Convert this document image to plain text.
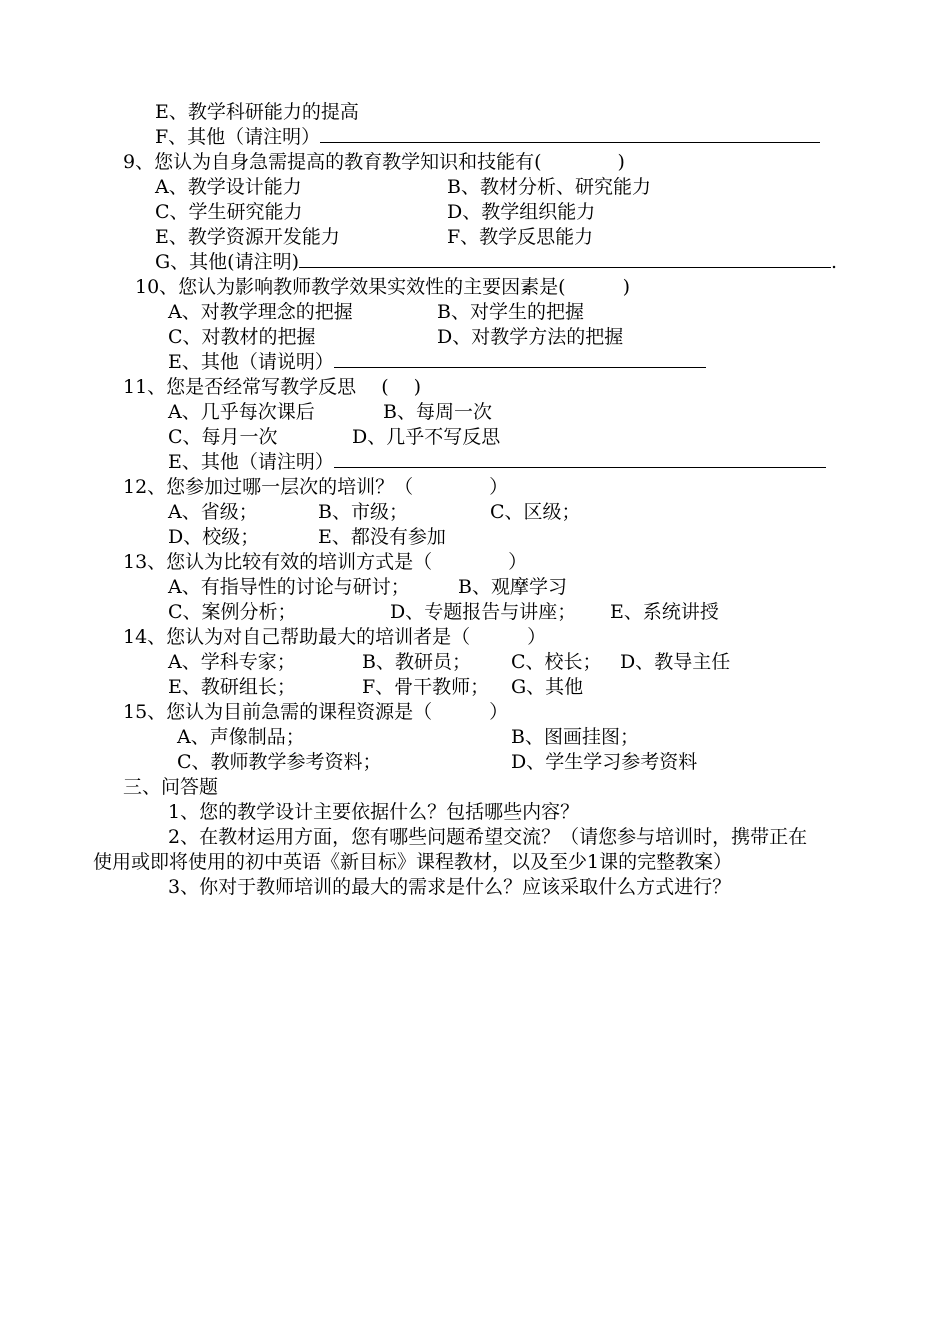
E、教学科研能力的提高
F、其他（请注明）
9、您认为自身急需提高的教育教学知识和技能有(　　　　)
A、教学设计能力	B、教材分析、研究能力
C、学生研究能力	D、教学组织能力
E、教学资源开发能力	F、教学反思能力
G、其他(请注明)	.
10、您认为影响教师教学效果实效性的主要因素是(　　　)
A、对教学理念的把握	B、对学生的把握
C、对教材的把握	D、对教学方法的把握
E、其他（请说明）
11、您是否经常写教学反思　 (　 )
A、几乎每次课后	B、每周一次
C、每月一次	D、几乎不写反思
E、其他（请注明）
12、您参加过哪一层次的培训？（　　　　）
A、省级；	B、市级；	C、区级；
D、校级；	E、都没有参加
13、您认为比较有效的培训方式是（　　　　）
A、有指导性的讨论与研讨；	B、观摩学习
C、案例分析；	D、专题报告与讲座； E、系统讲授
14、您认为对自己帮助最大的培训者是（　　　）
A、学科专家；	B、教研员； C、校长； D、教导主任
E、教研组长；	F、骨干教师； G、其他
15、您认为目前急需的课程资源是（　　　）
A、声像制品；	B、图画挂图；
C、教师教学参考资料；	D、学生学习参考资料
三、问答题
1、您的教学设计主要依据什么？包括哪些内容？
2、在教材运用方面，您有哪些问题希望交流？（请您参与培训时，携带正在
使用或即将使用的初中英语《新目标》课程教材，以及至少1课的完整教案）
3、你对于教师培训的最大的需求是什么？应该采取什么方式进行？
